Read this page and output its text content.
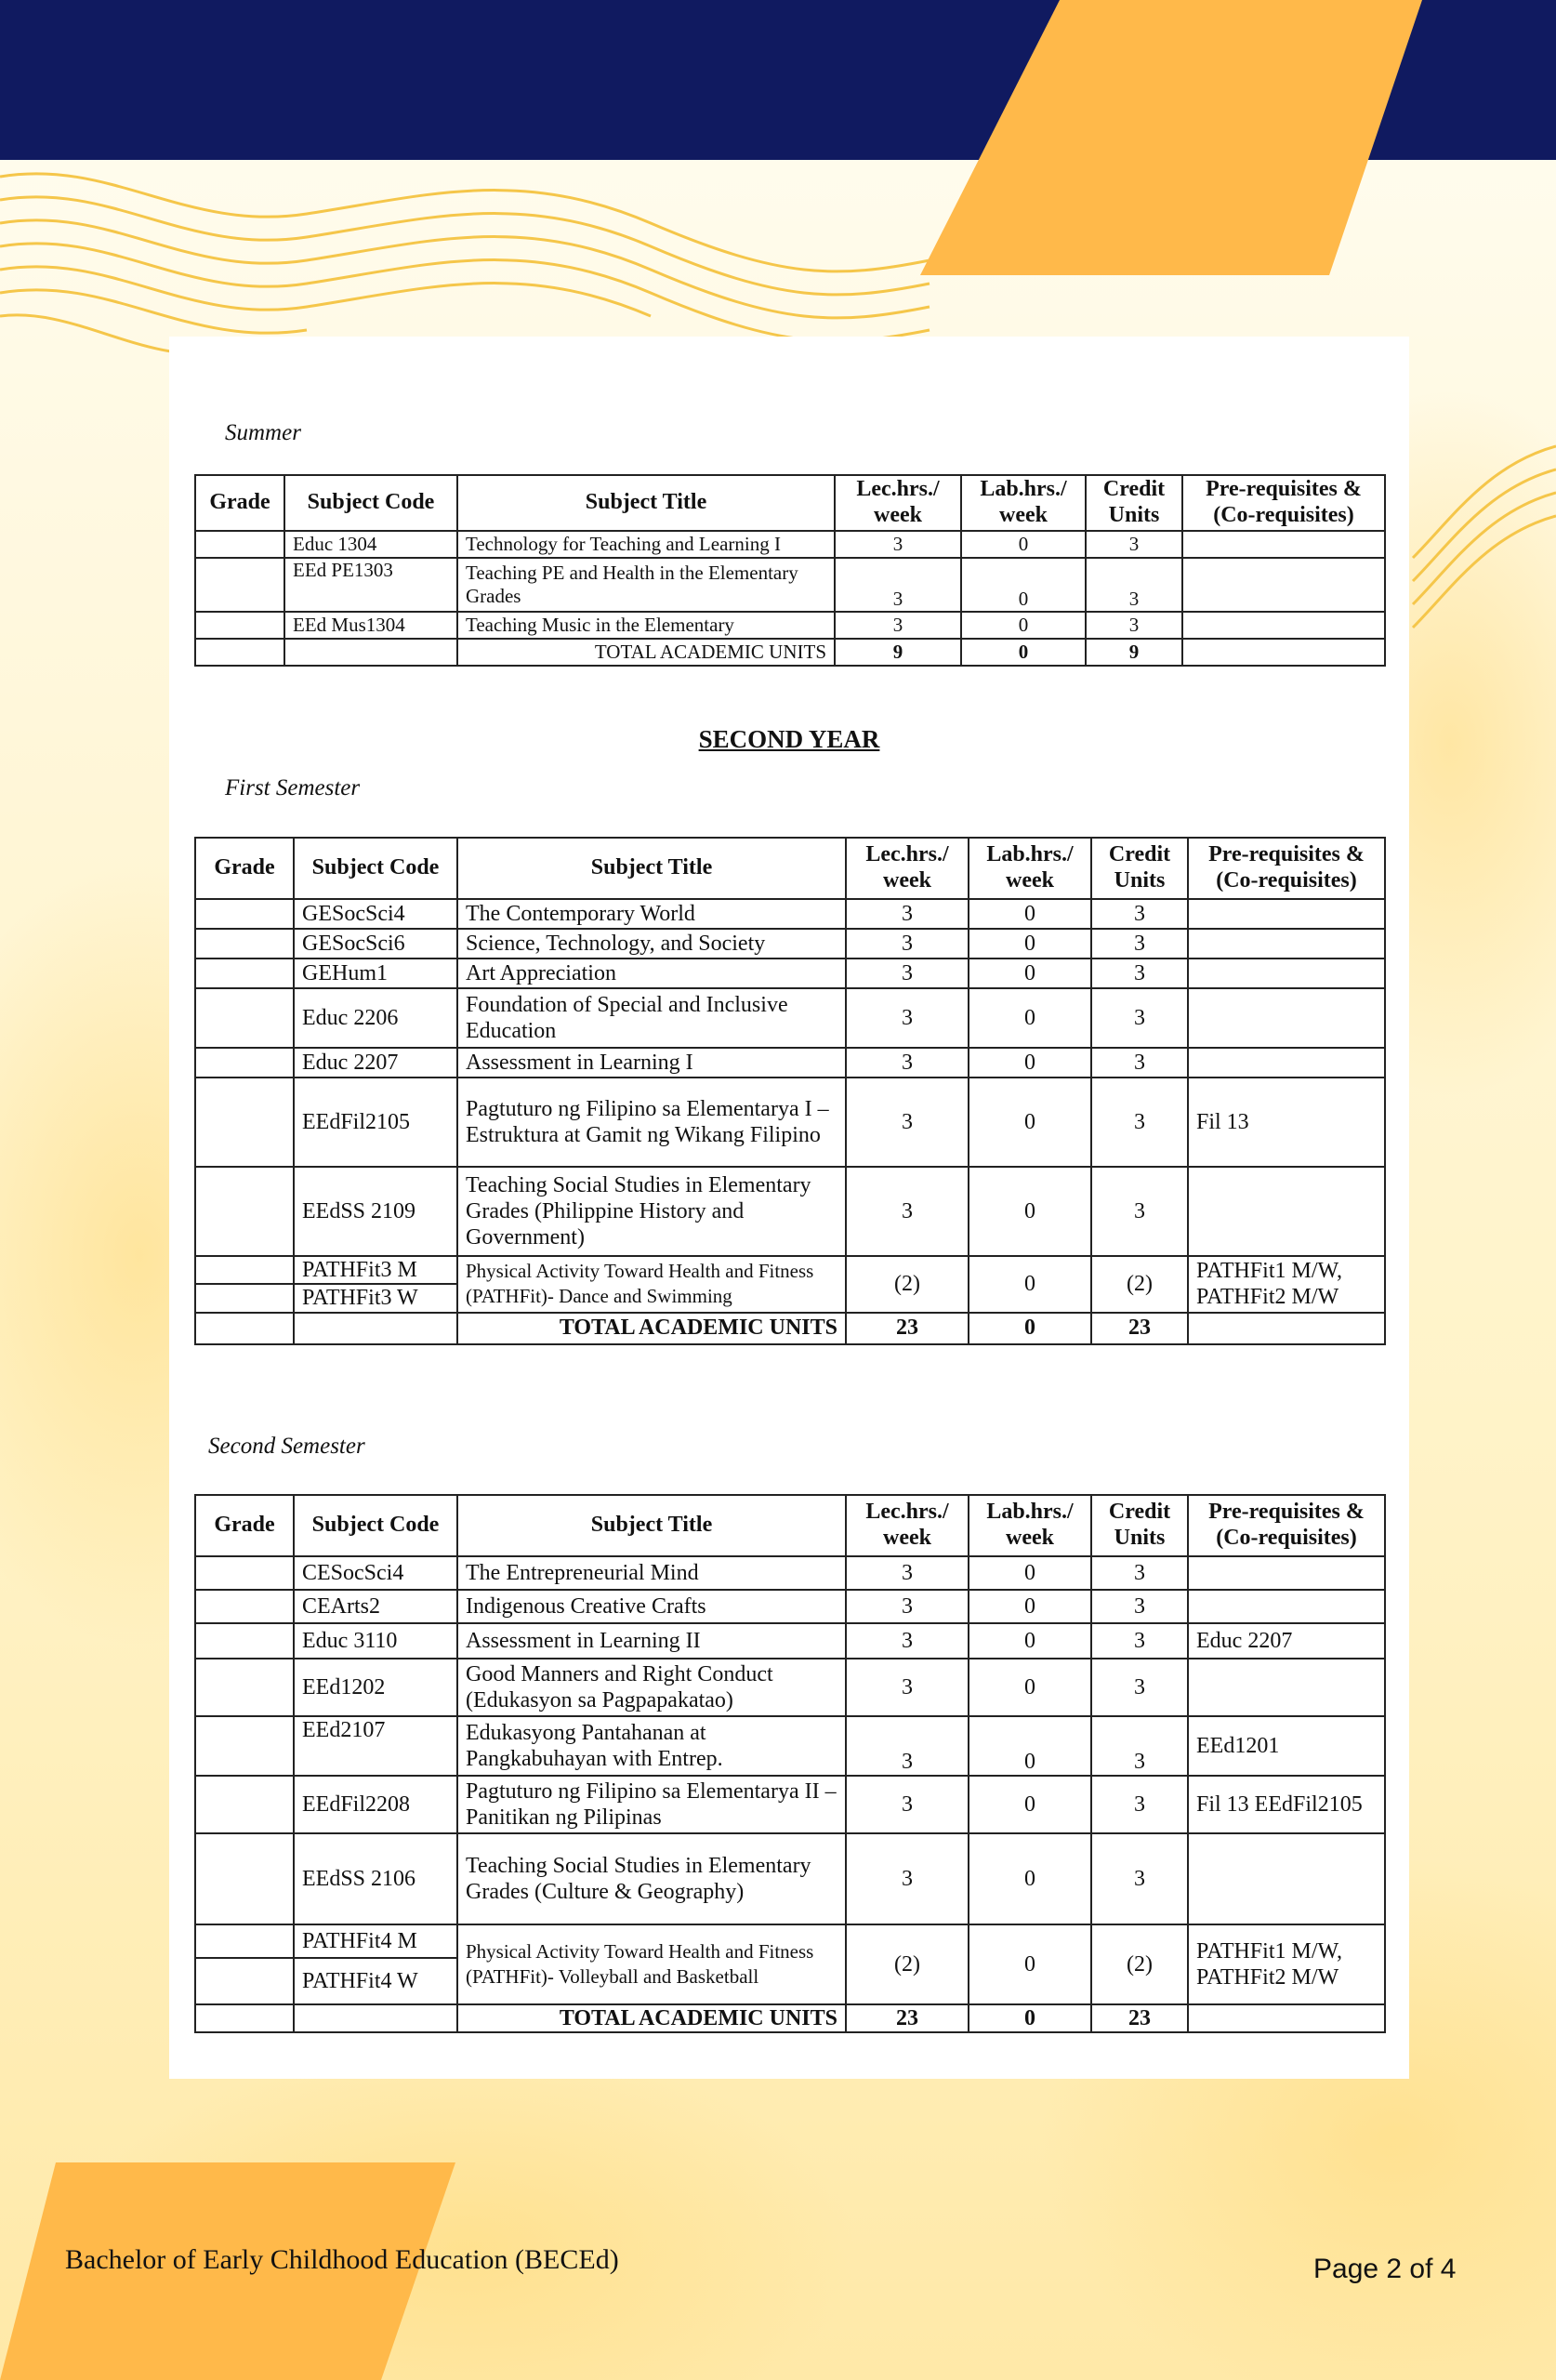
Summer
Grade	Subject Code	Subject Title	Lec.hrs./ week	Lab.hrs./ week	Credit Units	Pre-requisites & (Co-requisites)
	Educ 1304	Technology for Teaching and Learning I	3	0	3	
	EEd PE1303	Teaching PE and Health in the Elementary Grades	3	0	3	
	EEd Mus1304	Teaching Music in the Elementary	3	0	3	
		TOTAL ACADEMIC UNITS	9	0	9	
SECOND YEAR
First Semester
Grade	Subject Code	Subject Title	Lec.hrs./ week	Lab.hrs./ week	Credit Units	Pre-requisites & (Co-requisites)
	GESocSci4	The Contemporary World	3	0	3	
	GESocSci6	Science, Technology, and Society	3	0	3	
	GEHum1	Art Appreciation	3	0	3	
	Educ 2206	Foundation of Special and Inclusive Education	3	0	3	
	Educ 2207	Assessment in Learning I	3	0	3	
	EEdFil2105	Pagtuturo ng Filipino sa Elementarya I – Estruktura at Gamit ng Wikang Filipino	3	0	3	Fil 13
	EEdSS 2109	Teaching Social Studies in Elementary Grades (Philippine History and Government)	3	0	3	
	PATHFit3 M	Physical Activity Toward Health and Fitness (PATHFit)- Dance and Swimming	(2)	0	(2)	PATHFit1 M/W, PATHFit2 M/W
	PATHFit3 W					
		TOTAL ACADEMIC UNITS	23	0	23	
Second Semester
Grade	Subject Code	Subject Title	Lec.hrs./ week	Lab.hrs./ week	Credit Units	Pre-requisites & (Co-requisites)
	CESocSci4	The Entrepreneurial Mind	3	0	3	
	CEArts2	Indigenous Creative Crafts	3	0	3	
	Educ 3110	Assessment in Learning II	3	0	3	Educ 2207
	EEd1202	Good Manners and Right Conduct (Edukasyon sa Pagpapakatao)	3	0	3	
	EEd2107	Edukasyong Pantahanan at Pangkabuhayan with Entrep.	3	0	3	EEd1201
	EEdFil2208	Pagtuturo ng Filipino sa Elementarya II – Panitikan ng Pilipinas	3	0	3	Fil 13 EEdFil2105
	EEdSS 2106	Teaching Social Studies in Elementary Grades (Culture & Geography)	3	0	3	
	PATHFit4 M	Physical Activity Toward Health and Fitness (PATHFit)- Volleyball and Basketball	(2)	0	(2)	PATHFit1 M/W, PATHFit2 M/W
	PATHFit4 W					
		TOTAL ACADEMIC UNITS	23	0	23	
Bachelor of Early Childhood Education (BECEd)	Page 2 of 4
